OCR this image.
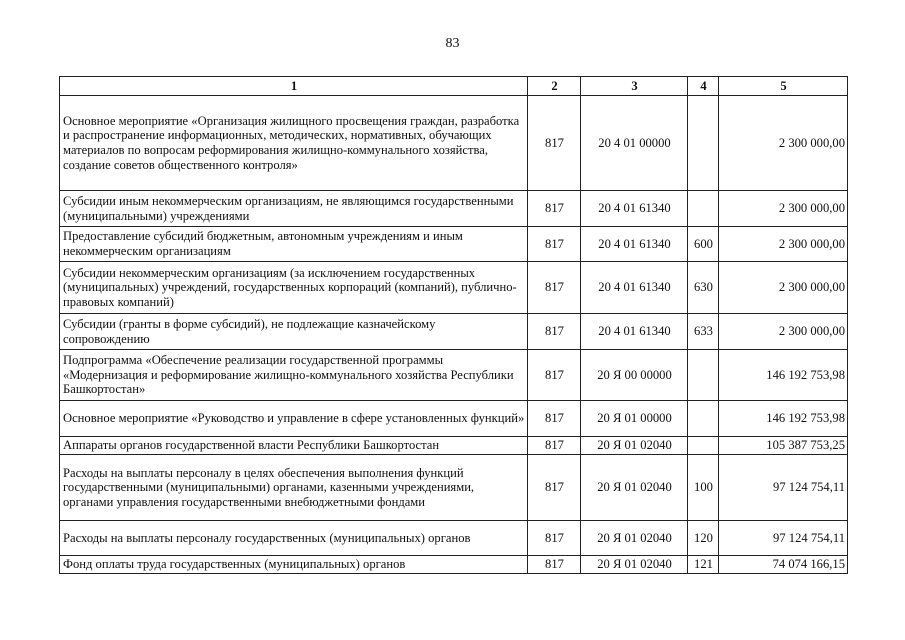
83
1	2	3	4	5
Основное мероприятие «Организация жилищного просвещения граждан, разработка и распространение информационных, методических, нормативных, обучающих материалов по вопросам реформирования жилищно-коммунального хозяйства, создание советов общественного контроля»	817	20 4 01 00000		2 300 000,00
Субсидии иным некоммерческим организациям, не являющимся государственными (муниципальными) учреждениями	817	20 4 01 61340		2 300 000,00
Предоставление субсидий бюджетным, автономным учреждениям и иным некоммерческим организациям	817	20 4 01 61340	600	2 300 000,00
Субсидии некоммерческим организациям (за исключением государственных (муниципальных) учреждений, государственных корпораций (компаний), публично-правовых компаний)	817	20 4 01 61340	630	2 300 000,00
Субсидии (гранты в форме субсидий), не подлежащие казначейскому сопровождению	817	20 4 01 61340	633	2 300 000,00
Подпрограмма «Обеспечение реализации государственной программы «Модернизация и реформирование жилищно-коммунального хозяйства Республики Башкортостан»	817	20 Я 00 00000		146 192 753,98
Основное мероприятие «Руководство и управление в сфере установленных функций»	817	20 Я 01 00000		146 192 753,98
Аппараты органов государственной власти Республики Башкортостан	817	20 Я 01 02040		105 387 753,25
Расходы на выплаты персоналу в целях обеспечения выполнения функций государственными (муниципальными) органами, казенными учреждениями, органами управления государственными внебюджетными фондами	817	20 Я 01 02040	100	97 124 754,11
Расходы на выплаты персоналу государственных (муниципальных) органов	817	20 Я 01 02040	120	97 124 754,11
Фонд оплаты труда государственных (муниципальных) органов	817	20 Я 01 02040	121	74 074 166,15
